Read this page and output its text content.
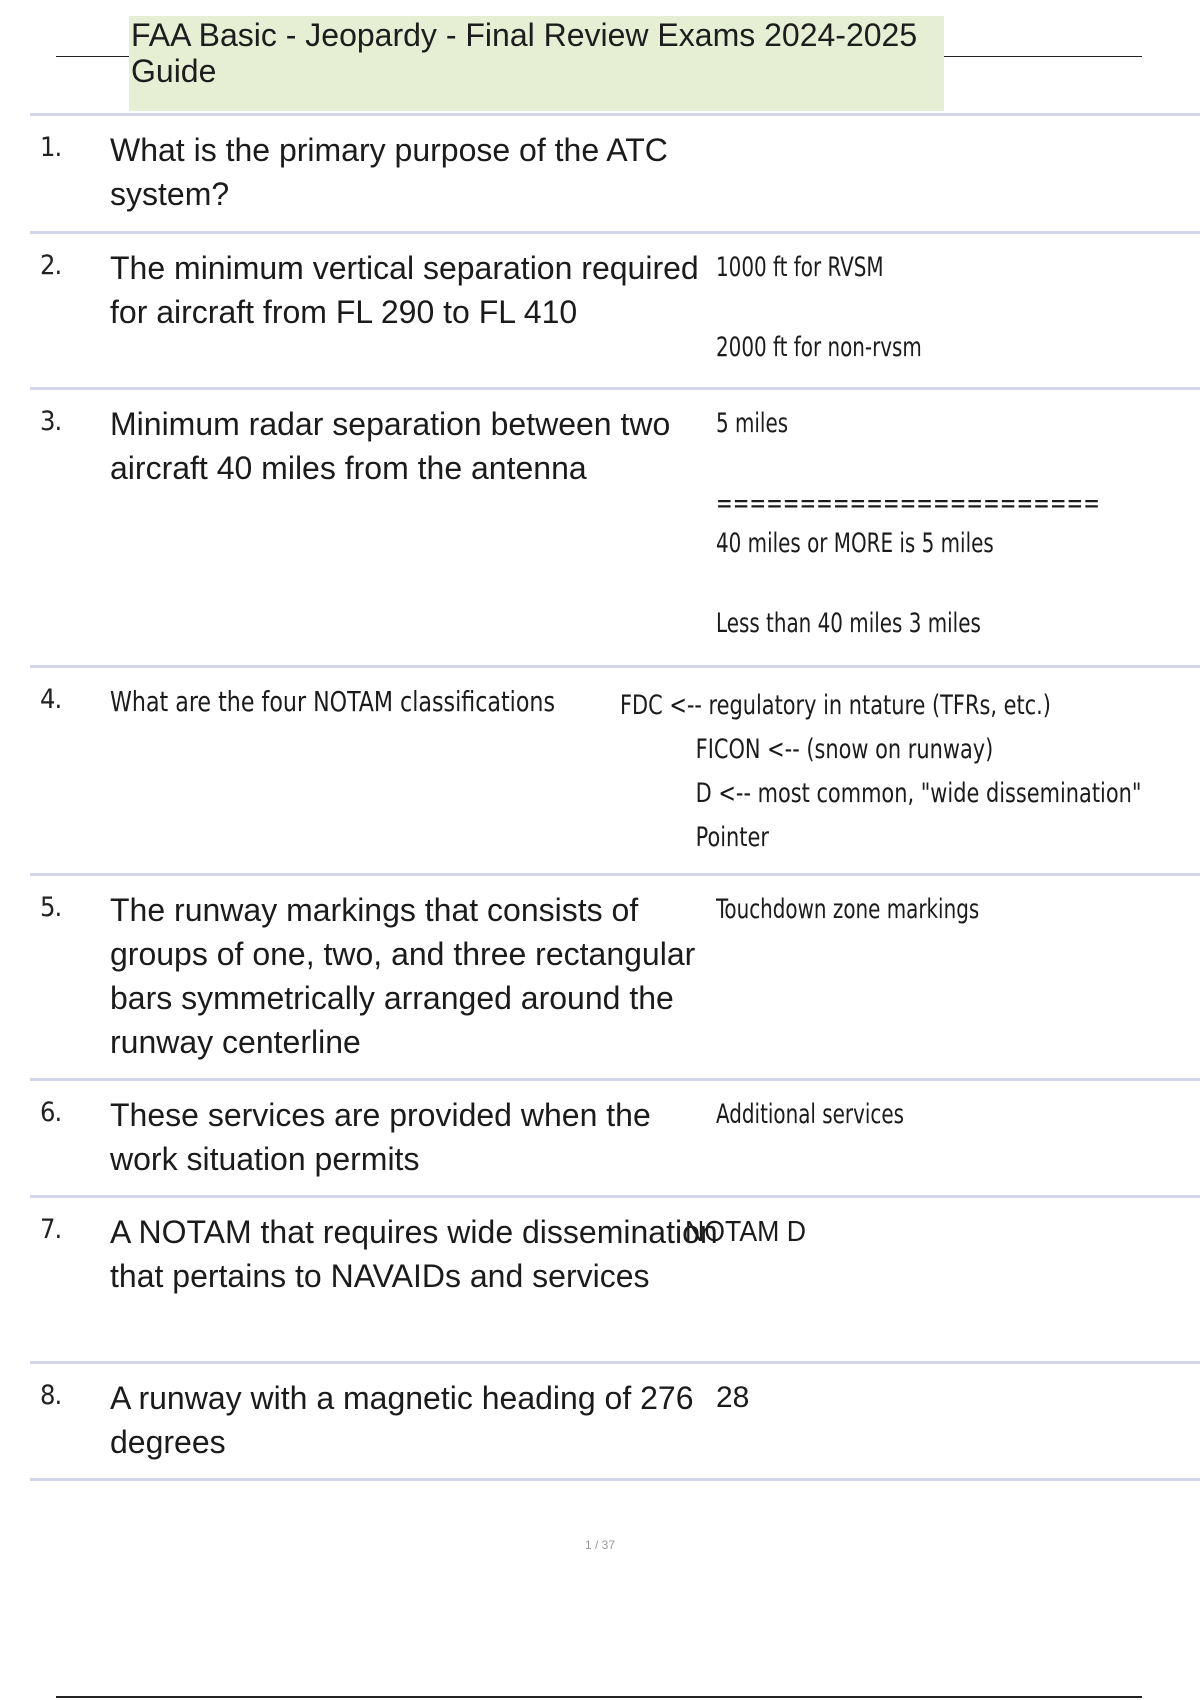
FAA Basic - Jeopardy - Final Review Exams 2024-2025 Guide
1. What is the primary purpose of the ATC system?
2. The minimum vertical separation required for aircraft from FL 290 to FL 410
1000 ft for RVSM
2000 ft for non-rvsm
3. Minimum radar separation between two aircraft 40 miles from the antenna
5 miles
=======================
40 miles or MORE is 5 miles
Less than 40 miles 3 miles
4. What are the four NOTAM classifications	FDC <-- regulatory in ntature (TFRs, etc.)
FICON <-- (snow on runway)
D <-- most common, "wide dissemination"
Pointer
5. The runway markings that consists of groups of one, two, and three rectangular bars symmetrically arranged around the runway centerline
Touchdown zone markings
6. These services are provided when the work situation permits
Additional services
7. A NOTAM that requires wide dissemination that pertains to NAVAIDs and services
NOTAM D
8. A runway with a magnetic heading of 276 degrees
28
1 / 37
